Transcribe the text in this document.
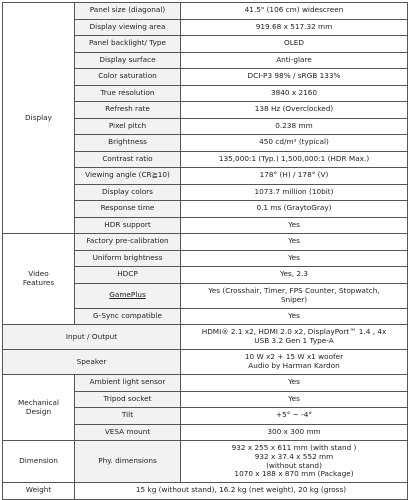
Display	Panel size (diagonal)	41.5" (106 cm) widescreen
	Display viewing area	919.68 x 517.32 mm
	Panel backlight/ Type	OLED
	Display surface	Anti-glare
	Color saturation	DCI-P3 98% / sRGB 133%
	True resolution	3840 x 2160
	Refresh rate	138 Hz (Overclocked)
	Pixel pitch	0.238 mm
	Brightness	450 cd/m² (typical)
	Contrast ratio	135,000:1 (Typ.) 1,500,000:1 (HDR Max.)
	Viewing angle (CR≧10)	178° (H) / 178° (V)
	Display colors	1073.7 million (10bit)
	Response time	0.1 ms (GraytoGray)
	HDR support	Yes

Video
Features	Factory pre-calibration	Yes
	Uniform brightness	Yes
	HDCP	Yes, 2.3
	GamePlus	Yes (Crosshair, Timer, FPS Counter, Stopwatch,
Sniper)

	G-Sync compatible	Yes
Input / Output		HDMI® 2.1 x2, HDMI 2.0 x2, DisplayPort™ 1.4 , 4x
USB 3.2 Gen 1 Type-A

Speaker		10 W x2 + 15 W x1 woofer
Audio by Harman Kardon

Mechanical
Design	Ambient light sensor	Yes
	Tripod socket	Yes
	Tilt	+5° ~ -4°
	VESA mount	300 x 300 mm
Dimension	Phy. dimensions	932 x 255 x 611 mm (with stand )
932 x 37.4 x 552 mm
(without stand)
1070 x 188 x 870 mm (Package)

Weight	15 kg (without stand), 16.2 kg (net weight), 20 kg (gross)	
